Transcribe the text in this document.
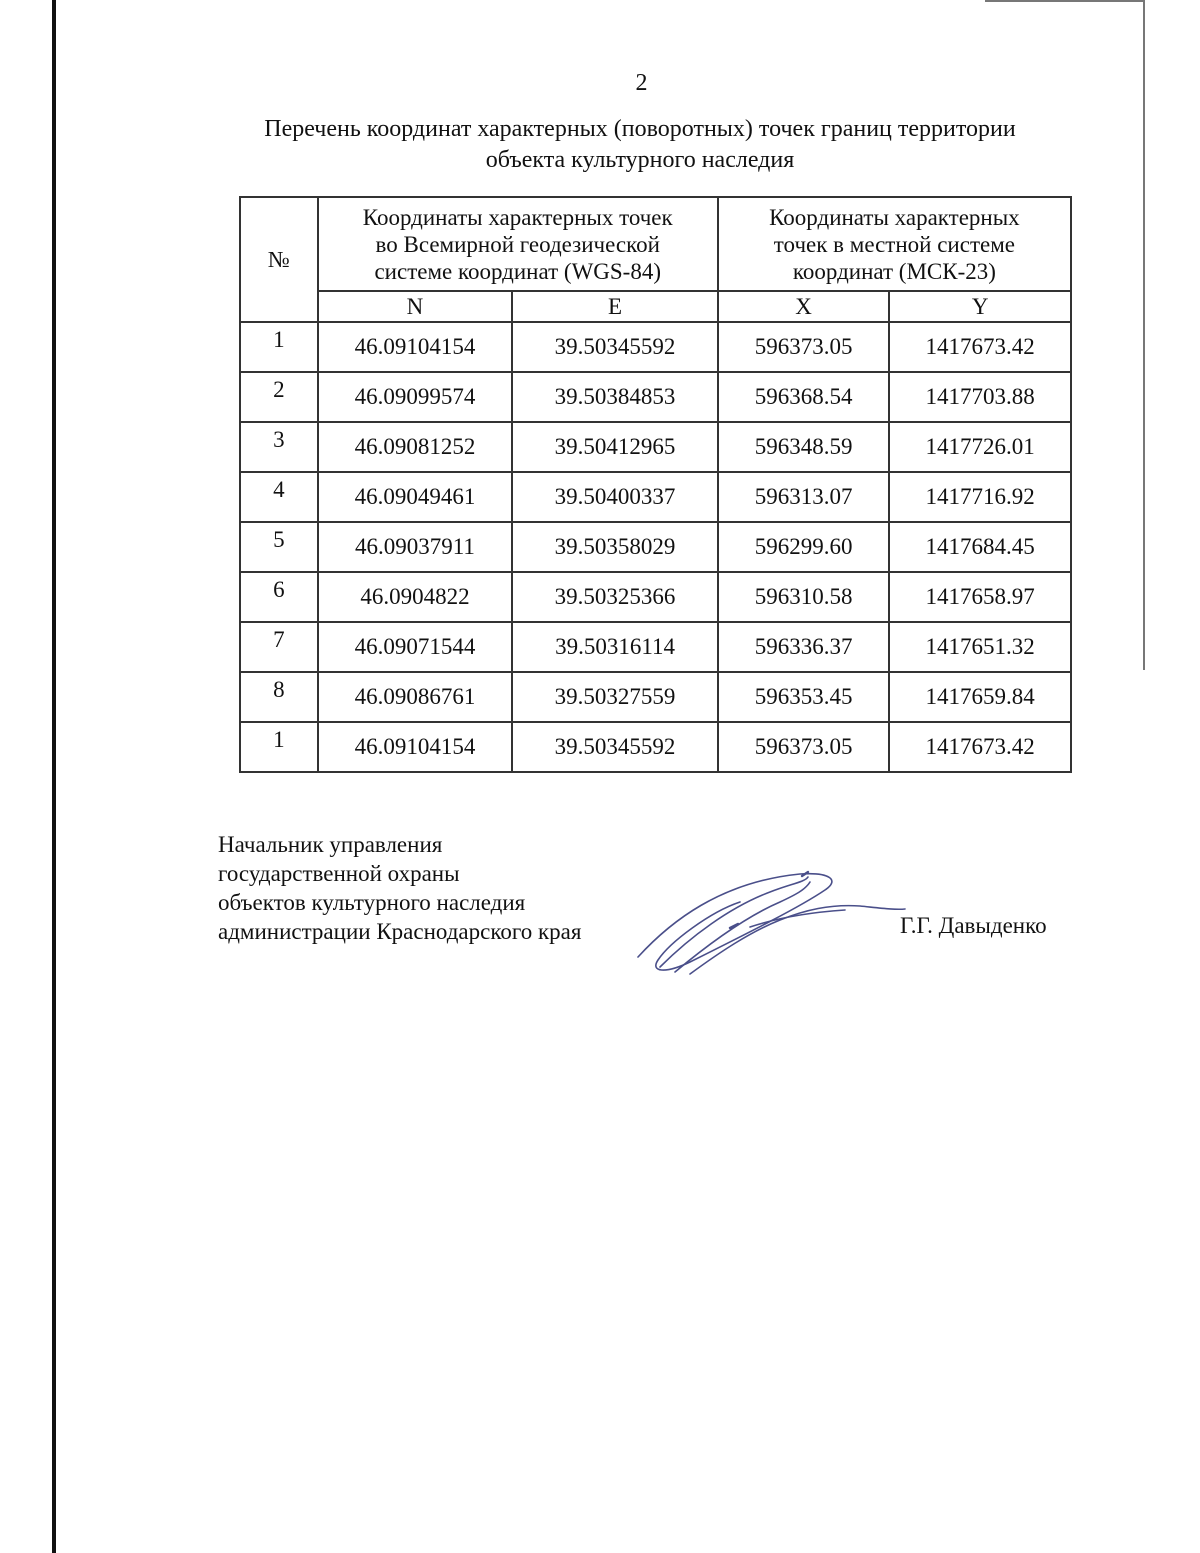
2
Перечень координат характерных (поворотных) точек границ территории
объекта культурного наследия
№	Координаты характерных точек
во Всемирной геодезической
системе координат (WGS-84)		Координаты характерных
точек в местной системе
координат (МСК-23)	

	N	E	X	Y
1	46.09104154	39.50345592	596373.05	1417673.42
2	46.09099574	39.50384853	596368.54	1417703.88
3	46.09081252	39.50412965	596348.59	1417726.01
4	46.09049461	39.50400337	596313.07	1417716.92
5	46.09037911	39.50358029	596299.60	1417684.45
6	46.0904822	39.50325366	596310.58	1417658.97
7	46.09071544	39.50316114	596336.37	1417651.32
8	46.09086761	39.50327559	596353.45	1417659.84
1	46.09104154	39.50345592	596373.05	1417673.42
Начальник управления
государственной охраны
объектов культурного наследия
администрации Краснодарского края	Г.Г. Давыденко
